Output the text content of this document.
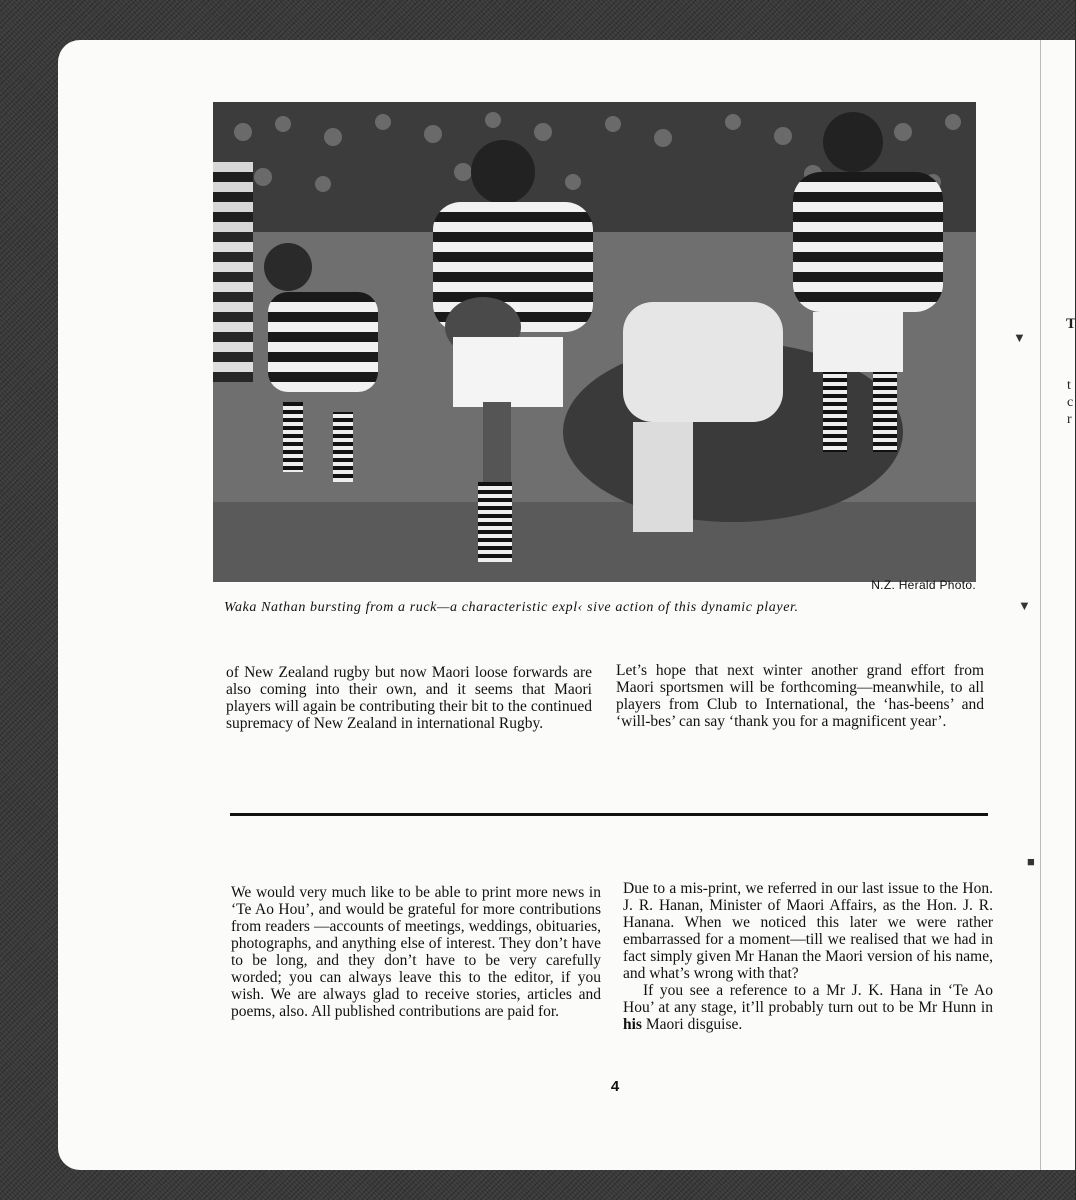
N.Z. Herald Photo.
Waka Nathan bursting from a ruck—a characteristic expl‹ sive action of this dynamic player.

of New Zealand rugby but now Maori loose forwards are also coming into their own, and it seems that Maori players will again be contributing their bit to the continued supremacy of New Zealand in international Rugby.

Let’s hope that next winter another grand effort from Maori sportsmen will be forthcoming—meanwhile, to all players from Club to International, the ‘has-beens’ and ‘will-bes’ can say ‘thank you for a magnificent year’.

We would very much like to be able to print more news in ‘Te Ao Hou’, and would be grateful for more contributions from readers —accounts of meetings, weddings, obituaries, photographs, and anything else of interest. They don’t have to be long, and they don’t have to be very carefully worded; you can always leave this to the editor, if you wish. We are always glad to receive stories, articles and poems, also. All published contributions are paid for.

Due to a mis-print, we referred in our last issue to the Hon. J. R. Hanan, Minister of Maori Affairs, as the Hon. J. R. Hanana. When we noticed this later we were rather embarrassed for a moment—till we realised that we had in fact simply given Mr Hanan the Maori version of his name, and what’s wrong with that?

If you see a reference to a Mr J. K. Hana in ‘Te Ao Hou’ at any stage, it’ll probably turn out to be Mr Hunn in his Maori disguise.

4
T
t
c
r
▼
▼
■
